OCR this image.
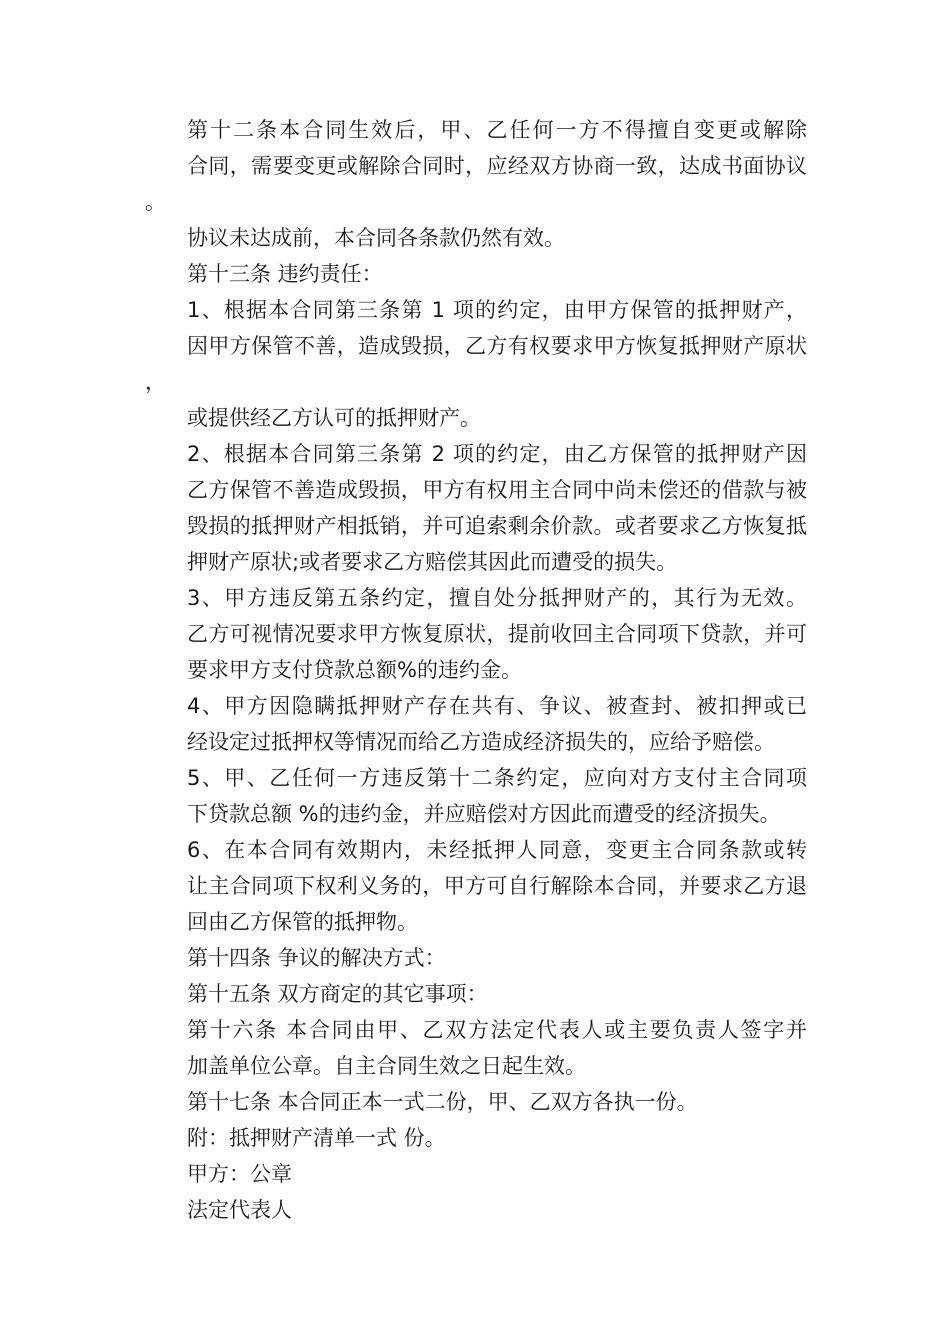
第十二条本合同生效后，甲、乙任何一方不得擅自变更或解除
合同，需要变更或解除合同时，应经双方协商一致，达成书面协议。
协议未达成前，本合同各条款仍然有效。

第十三条 违约责任：

1、根据本合同第三条第 1 项的约定，由甲方保管的抵押财产，
因甲方保管不善，造成毁损，乙方有权要求甲方恢复抵押财产原状，
或提供经乙方认可的抵押财产。

2、根据本合同第三条第 2 项的约定，由乙方保管的抵押财产因
乙方保管不善造成毁损，甲方有权用主合同中尚未偿还的借款与被
毁损的抵押财产相抵销，并可追索剩余价款。或者要求乙方恢复抵
押财产原状;或者要求乙方赔偿其因此而遭受的损失。

3、甲方违反第五条约定，擅自处分抵押财产的，其行为无效。
乙方可视情况要求甲方恢复原状，提前收回主合同项下贷款，并可
要求甲方支付贷款总额%的违约金。

4、甲方因隐瞒抵押财产存在共有、争议、被查封、被扣押或已
经设定过抵押权等情况而给乙方造成经济损失的，应给予赔偿。

5、甲、乙任何一方违反第十二条约定，应向对方支付主合同项
下贷款总额 %的违约金，并应赔偿对方因此而遭受的经济损失。

6、在本合同有效期内，未经抵押人同意，变更主合同条款或转
让主合同项下权利义务的，甲方可自行解除本合同，并要求乙方退
回由乙方保管的抵押物。

第十四条 争议的解决方式：

第十五条 双方商定的其它事项：

第十六条 本合同由甲、乙双方法定代表人或主要负责人签字并
加盖单位公章。自主合同生效之日起生效。

第十七条 本合同正本一式二份，甲、乙双方各执一份。

附：抵押财产清单一式 份。

甲方：公章

法定代表人
